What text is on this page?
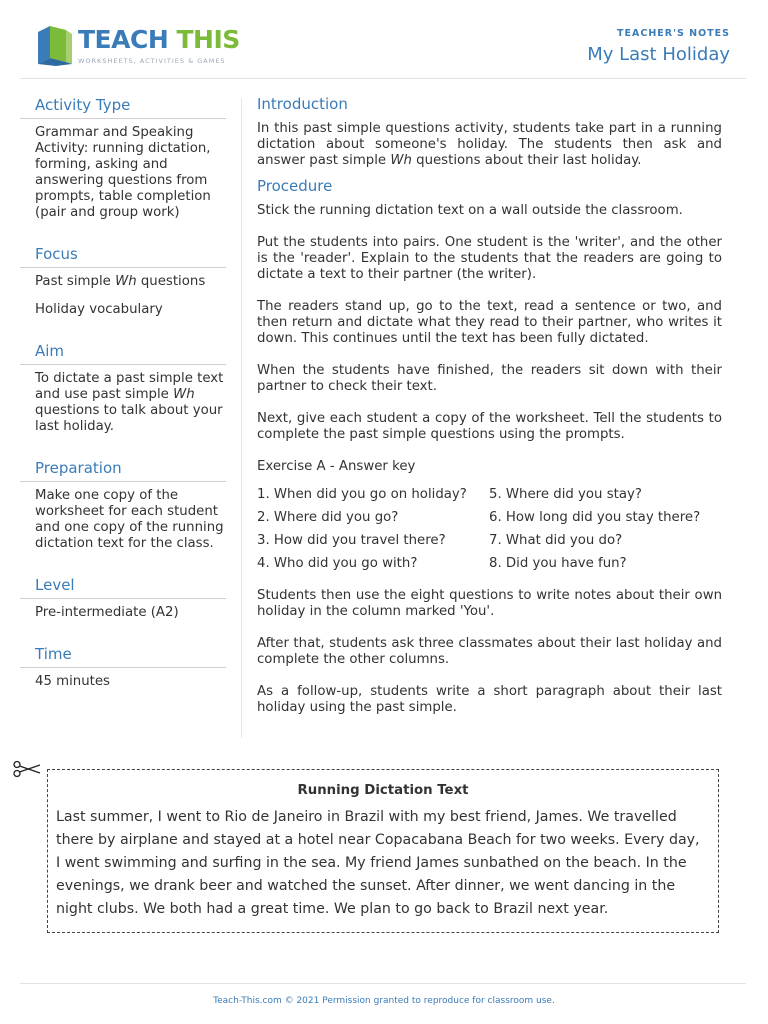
TEACH THIS
WORKSHEETS, ACTIVITIES & GAMES
TEACHER'S NOTES
My Last Holiday
Activity Type
Grammar and Speaking Activity: running dictation, forming, asking and answering questions from prompts, table completion (pair and group work)
Focus
Past simple Wh questions
Holiday vocabulary
Aim
To dictate a past simple text and use past simple Wh questions to talk about your last holiday.
Preparation
Make one copy of the worksheet for each student and one copy of the running dictation text for the class.
Level
Pre-intermediate (A2)
Time
45 minutes
Introduction

In this past simple questions activity, students take part in a running dictation about someone's holiday. The students then ask and answer past simple Wh questions about their last holiday.

Procedure

Stick the running dictation text on a wall outside the classroom.

Put the students into pairs. One student is the 'writer', and the other is the 'reader'. Explain to the students that the readers are going to dictate a text to their partner (the writer).

The readers stand up, go to the text, read a sentence or two, and then return and dictate what they read to their partner, who writes it down. This continues until the text has been fully dictated.

When the students have finished, the readers sit down with their partner to check their text.

Next, give each student a copy of the worksheet. Tell the students to complete the past simple questions using the prompts.

Exercise A - Answer key
1. When did you go on holiday?	5. Where did you stay?
2. Where did you go?	6. How long did you stay there?
3. How did you travel there?	7. What did you do?
4. Who did you go with?	8. Did you have fun?

Students then use the eight questions to write notes about their own holiday in the column marked 'You'.

After that, students ask three classmates about their last holiday and complete the other columns.

As a follow-up, students write a short paragraph about their last holiday using the past simple.

Running Dictation Text
Last summer, I went to Rio de Janeiro in Brazil with my best friend, James. We travelled there by airplane and stayed at a hotel near Copacabana Beach for two weeks. Every day, I went swimming and surfing in the sea. My friend James sunbathed on the beach. In the evenings, we drank beer and watched the sunset. After dinner, we went dancing in the night clubs. We both had a great time. We plan to go back to Brazil next year.
Teach-This.com © 2021 Permission granted to reproduce for classroom use.
